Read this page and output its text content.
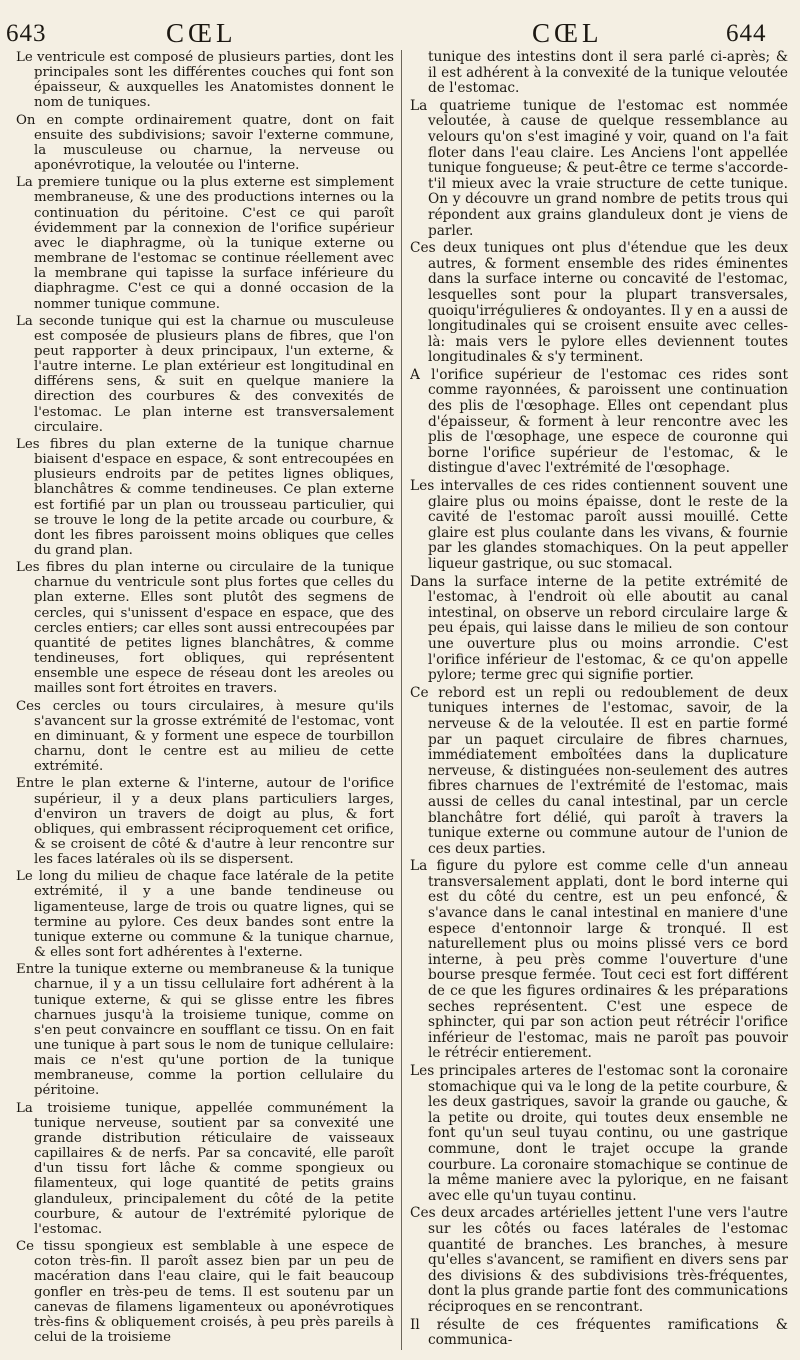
643	CŒL	CŒL	644

Le ventricule est composé de plusieurs parties, dont les principales sont les différentes couches qui font son épaisseur, & auxquelles les Anatomistes donnent le nom de tuniques.

On en compte ordinairement quatre, dont on fait ensuite des subdivisions; savoir l'externe commune, la musculeuse ou charnue, la nerveuse ou aponévrotique, la veloutée ou l'interne.

La premiere tunique ou la plus externe est simplement membraneuse, & une des productions internes ou la continuation du péritoine. C'est ce qui paroît évidemment par la connexion de l'orifice supérieur avec le diaphragme, où la tunique externe ou membrane de l'estomac se continue réellement avec la membrane qui tapisse la surface inférieure du diaphragme. C'est ce qui a donné occasion de la nommer tunique commune.

La seconde tunique qui est la charnue ou musculeuse est composée de plusieurs plans de fibres, que l'on peut rapporter à deux principaux, l'un externe, & l'autre interne. Le plan extérieur est longitudinal en différens sens, & suit en quelque maniere la direction des courbures & des convexités de l'estomac. Le plan interne est transversalement circulaire.

Les fibres du plan externe de la tunique charnue biaisent d'espace en espace, & sont entrecoupées en plusieurs endroits par de petites lignes obliques, blanchâtres & comme tendineuses. Ce plan externe est fortifié par un plan ou trousseau particulier, qui se trouve le long de la petite arcade ou courbure, & dont les fibres paroissent moins obliques que celles du grand plan.

Les fibres du plan interne ou circulaire de la tunique charnue du ventricule sont plus fortes que celles du plan externe. Elles sont plutôt des segmens de cercles, qui s'unissent d'espace en espace, que des cercles entiers; car elles sont aussi entrecoupées par quantité de petites lignes blanchâtres, & comme tendineuses, fort obliques, qui représentent ensemble une espece de réseau dont les areoles ou mailles sont fort étroites en travers.

Ces cercles ou tours circulaires, à mesure qu'ils s'avancent sur la grosse extrémité de l'estomac, vont en diminuant, & y forment une espece de tourbillon charnu, dont le centre est au milieu de cette extrémité.

Entre le plan externe & l'interne, autour de l'orifice supérieur, il y a deux plans particuliers larges, d'environ un travers de doigt au plus, & fort obliques, qui embrassent réciproquement cet orifice, & se croisent de côté & d'autre à leur rencontre sur les faces latérales où ils se dispersent.

Le long du milieu de chaque face latérale de la petite extrémité, il y a une bande tendineuse ou ligamenteuse, large de trois ou quatre lignes, qui se termine au pylore. Ces deux bandes sont entre la tunique externe ou commune & la tunique charnue, & elles sont fort adhérentes à l'externe.

Entre la tunique externe ou membraneuse & la tunique charnue, il y a un tissu cellulaire fort adhérent à la tunique externe, & qui se glisse entre les fibres charnues jusqu'à la troisieme tunique, comme on s'en peut convaincre en soufflant ce tissu. On en fait une tunique à part sous le nom de tunique cellulaire: mais ce n'est qu'une portion de la tunique membraneuse, comme la portion cellulaire du péritoine.

La troisieme tunique, appellée communément la tunique nerveuse, soutient par sa convexité une grande distribution réticulaire de vaisseaux capillaires & de nerfs. Par sa concavité, elle paroît d'un tissu fort lâche & comme spongieux ou filamenteux, qui loge quantité de petits grains glanduleux, principalement du côté de la petite courbure, & autour de l'extrémité pylorique de l'estomac.

Ce tissu spongieux est semblable à une espece de coton très-fin. Il paroît assez bien par un peu de macération dans l'eau claire, qui le fait beaucoup gonfler en très-peu de tems. Il est soutenu par un canevas de filamens ligamenteux ou aponévrotiques très-fins & obliquement croisés, à peu près pareils à celui de la troisieme

tunique des intestins dont il sera parlé ci-après; & il est adhérent à la convexité de la tunique veloutée de l'estomac.

La quatrieme tunique de l'estomac est nommée veloutée, à cause de quelque ressemblance au velours qu'on s'est imaginé y voir, quand on l'a fait floter dans l'eau claire. Les Anciens l'ont appellée tunique fongueuse; & peut-être ce terme s'accorde-t'il mieux avec la vraie structure de cette tunique. On y découvre un grand nombre de petits trous qui répondent aux grains glanduleux dont je viens de parler.

Ces deux tuniques ont plus d'étendue que les deux autres, & forment ensemble des rides éminentes dans la surface interne ou concavité de l'estomac, lesquelles sont pour la plupart transversales, quoiqu'irrégulieres & ondoyantes. Il y en a aussi de longitudinales qui se croisent ensuite avec celles-là: mais vers le pylore elles deviennent toutes longitudinales & s'y terminent.

A l'orifice supérieur de l'estomac ces rides sont comme rayonnées, & paroissent une continuation des plis de l'œsophage. Elles ont cependant plus d'épaisseur, & forment à leur rencontre avec les plis de l'œsophage, une espece de couronne qui borne l'orifice supérieur de l'estomac, & le distingue d'avec l'extrémité de l'œsophage.

Les intervalles de ces rides contiennent souvent une glaire plus ou moins épaisse, dont le reste de la cavité de l'estomac paroît aussi mouillé. Cette glaire est plus coulante dans les vivans, & fournie par les glandes stomachiques. On la peut appeller liqueur gastrique, ou suc stomacal.

Dans la surface interne de la petite extrémité de l'estomac, à l'endroit où elle aboutit au canal intestinal, on observe un rebord circulaire large & peu épais, qui laisse dans le milieu de son contour une ouverture plus ou moins arrondie. C'est l'orifice inférieur de l'estomac, & ce qu'on appelle pylore; terme grec qui signifie portier.

Ce rebord est un repli ou redoublement de deux tuniques internes de l'estomac, savoir, de la nerveuse & de la veloutée. Il est en partie formé par un paquet circulaire de fibres charnues, immédiatement emboîtées dans la duplicature nerveuse, & distinguées non-seulement des autres fibres charnues de l'extrémité de l'estomac, mais aussi de celles du canal intestinal, par un cercle blanchâtre fort délié, qui paroît à travers la tunique externe ou commune autour de l'union de ces deux parties.

La figure du pylore est comme celle d'un anneau transversalement applati, dont le bord interne qui est du côté du centre, est un peu enfoncé, & s'avance dans le canal intestinal en maniere d'une espece d'entonnoir large & tronqué. Il est naturellement plus ou moins plissé vers ce bord interne, à peu près comme l'ouverture d'une bourse presque fermée. Tout ceci est fort différent de ce que les figures ordinaires & les préparations seches représentent. C'est une espece de sphincter, qui par son action peut rétrécir l'orifice inférieur de l'estomac, mais ne paroît pas pouvoir le rétrécir entierement.

Les principales arteres de l'estomac sont la coronaire stomachique qui va le long de la petite courbure, & les deux gastriques, savoir la grande ou gauche, & la petite ou droite, qui toutes deux ensemble ne font qu'un seul tuyau continu, ou une gastrique commune, dont le trajet occupe la grande courbure. La coronaire stomachique se continue de la même maniere avec la pylorique, en ne faisant avec elle qu'un tuyau continu.

Ces deux arcades artérielles jettent l'une vers l'autre sur les côtés ou faces latérales de l'estomac quantité de branches. Les branches, à mesure qu'elles s'avancent, se ramifient en divers sens par des divisions & des subdivisions très-fréquentes, dont la plus grande partie font des communications réciproques en se rencontrant.

Il résulte de ces fréquentes ramifications & communica-
